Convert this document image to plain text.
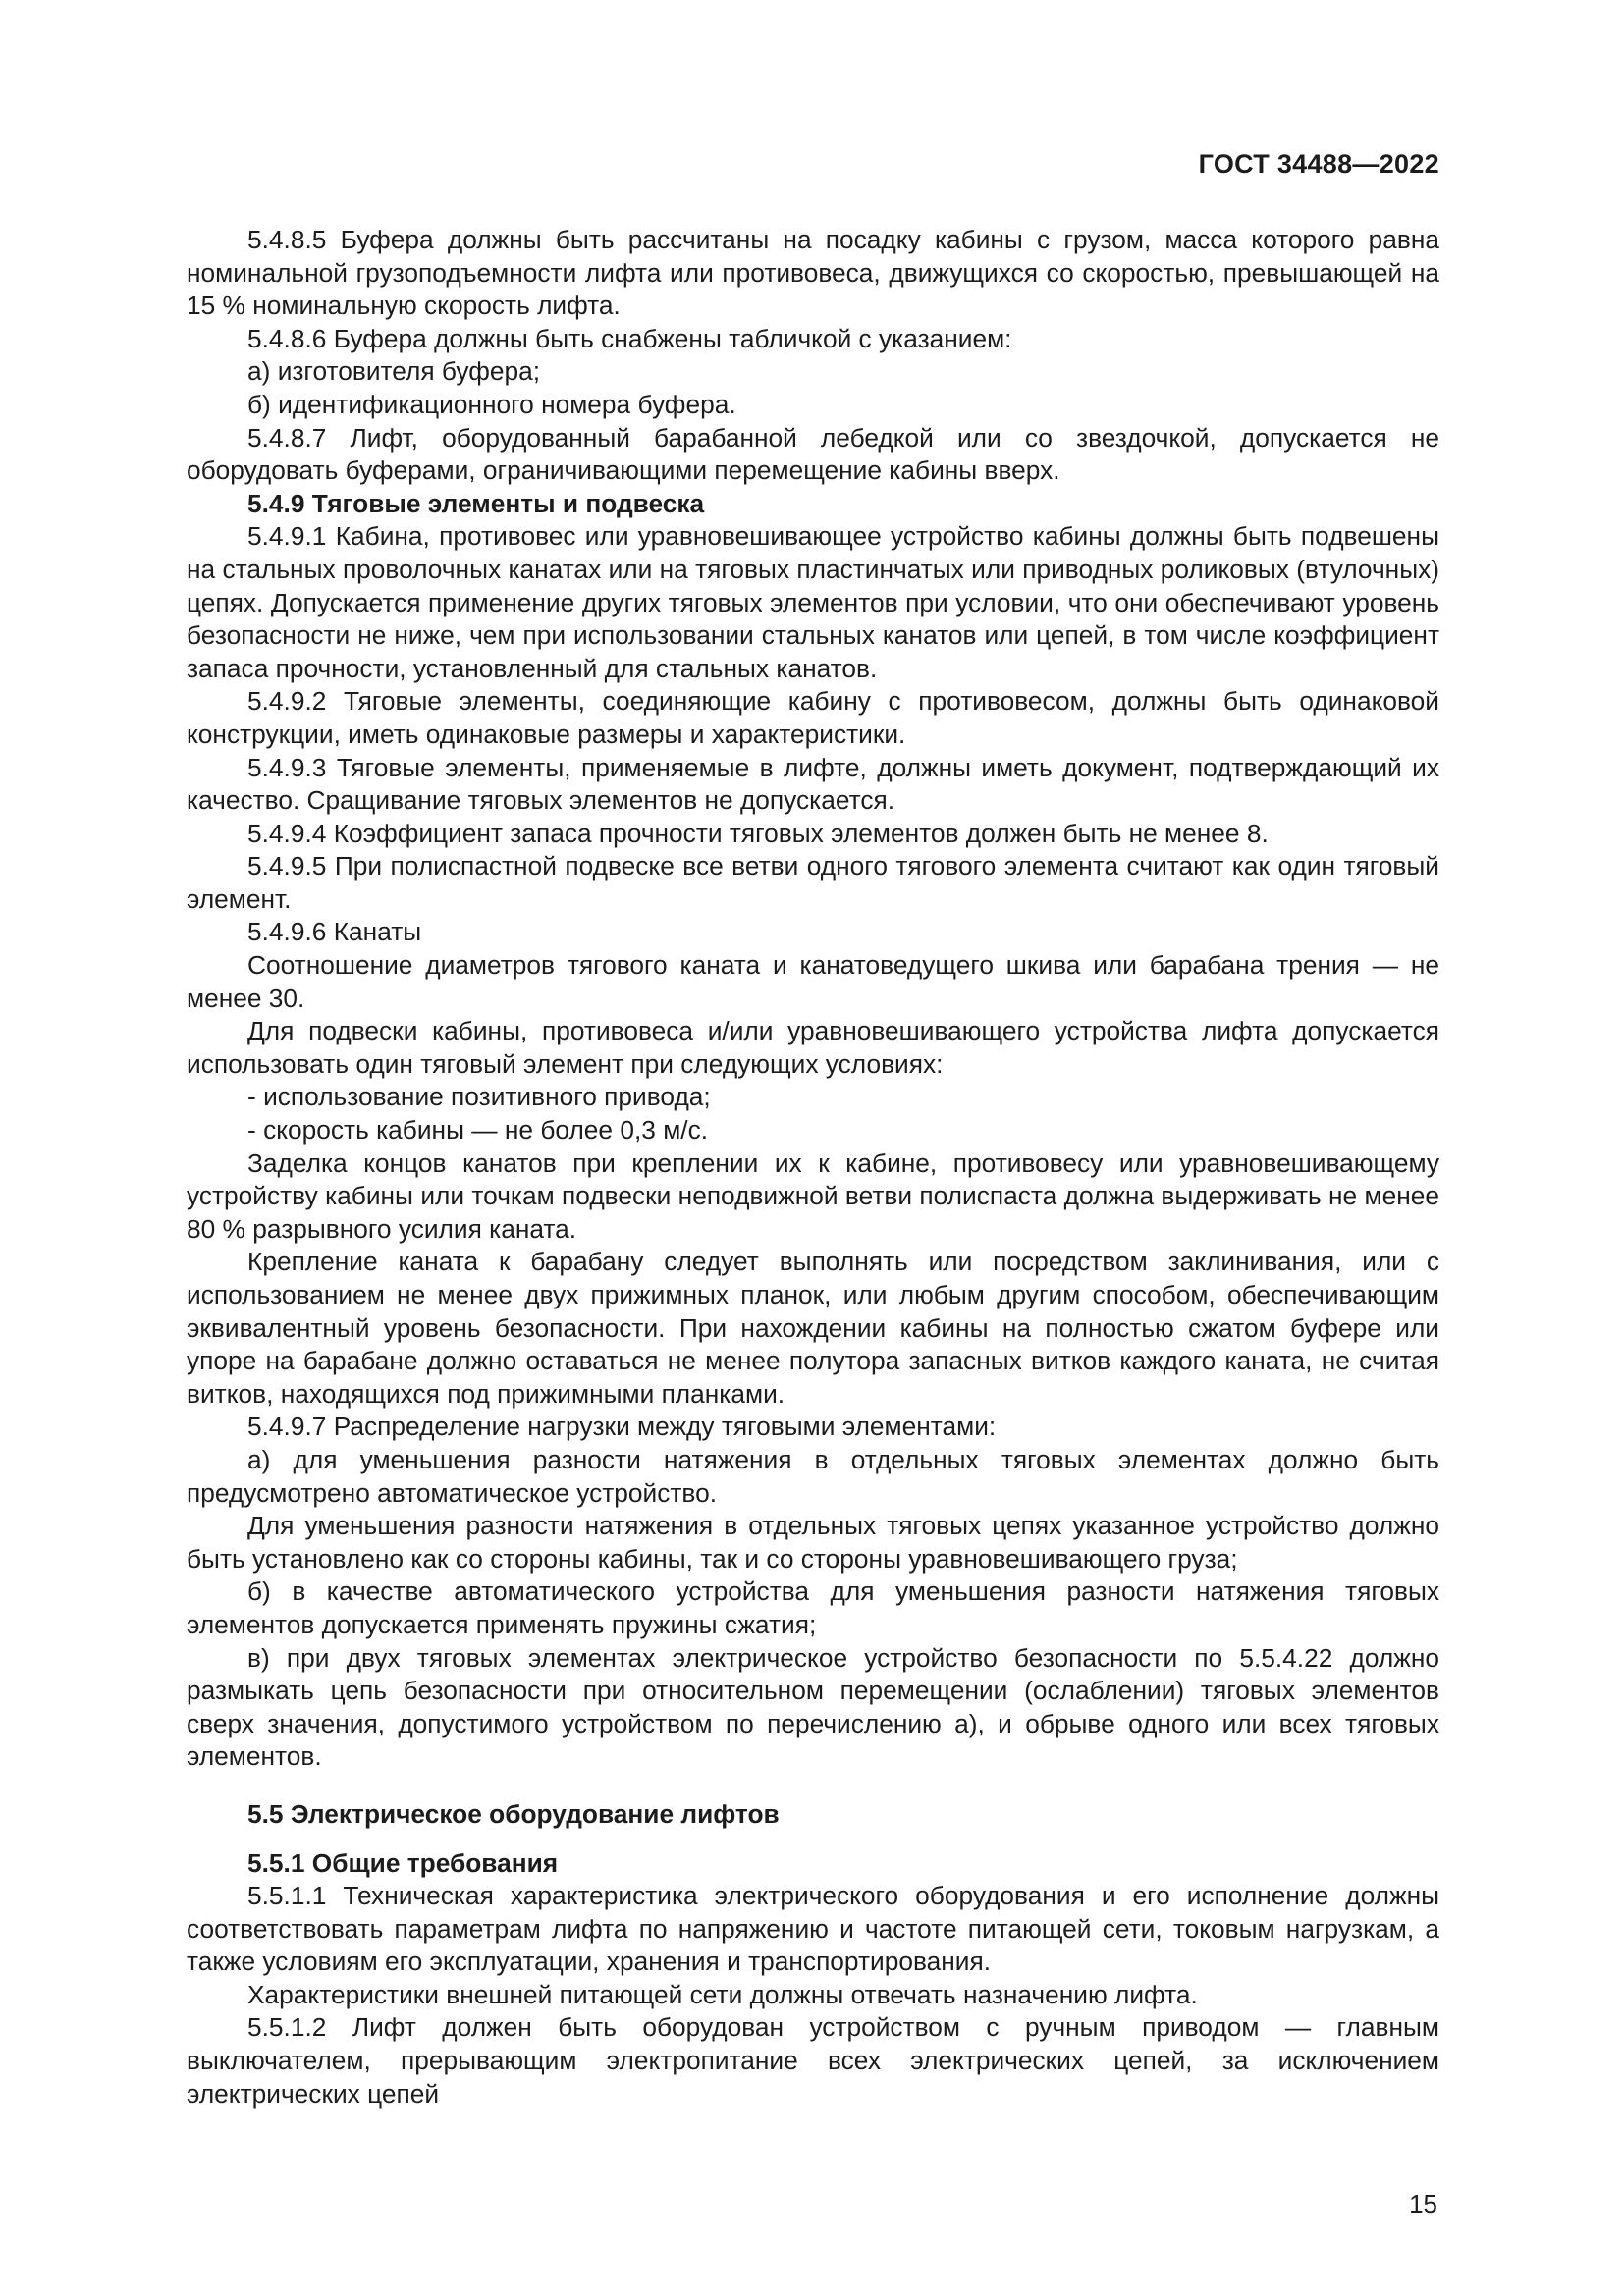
ГОСТ 34488—2022

5.4.8.5 Буфера должны быть рассчитаны на посадку кабины с грузом, масса которого равна номинальной грузоподъемности лифта или противовеса, движущихся со скоростью, превышающей на 15 % номинальную скорость лифта.

5.4.8.6 Буфера должны быть снабжены табличкой с указанием:

а) изготовителя буфера;

б) идентификационного номера буфера.

5.4.8.7 Лифт, оборудованный барабанной лебедкой или со звездочкой, допускается не оборудовать буферами, ограничивающими перемещение кабины вверх.

5.4.9 Тяговые элементы и подвеска

5.4.9.1 Кабина, противовес или уравновешивающее устройство кабины должны быть подвешены на стальных проволочных канатах или на тяговых пластинчатых или приводных роликовых (втулочных) цепях. Допускается применение других тяговых элементов при условии, что они обеспечивают уровень безопасности не ниже, чем при использовании стальных канатов или цепей, в том числе коэффициент запаса прочности, установленный для стальных канатов.

5.4.9.2 Тяговые элементы, соединяющие кабину с противовесом, должны быть одинаковой конструкции, иметь одинаковые размеры и характеристики.

5.4.9.3 Тяговые элементы, применяемые в лифте, должны иметь документ, подтверждающий их качество. Сращивание тяговых элементов не допускается.

5.4.9.4 Коэффициент запаса прочности тяговых элементов должен быть не менее 8.

5.4.9.5 При полиспастной подвеске все ветви одного тягового элемента считают как один тяговый элемент.

5.4.9.6 Канаты

Соотношение диаметров тягового каната и канатоведущего шкива или барабана трения — не менее 30.

Для подвески кабины, противовеса и/или уравновешивающего устройства лифта допускается использовать один тяговый элемент при следующих условиях:

- использование позитивного привода;

- скорость кабины — не более 0,3 м/с.

Заделка концов канатов при креплении их к кабине, противовесу или уравновешивающему устройству кабины или точкам подвески неподвижной ветви полиспаста должна выдерживать не менее 80 % разрывного усилия каната.

Крепление каната к барабану следует выполнять или посредством заклинивания, или с использованием не менее двух прижимных планок, или любым другим способом, обеспечивающим эквивалентный уровень безопасности. При нахождении кабины на полностью сжатом буфере или упоре на барабане должно оставаться не менее полутора запасных витков каждого каната, не считая витков, находящихся под прижимными планками.

5.4.9.7 Распределение нагрузки между тяговыми элементами:

а) для уменьшения разности натяжения в отдельных тяговых элементах должно быть предусмотрено автоматическое устройство.

Для уменьшения разности натяжения в отдельных тяговых цепях указанное устройство должно быть установлено как со стороны кабины, так и со стороны уравновешивающего груза;

б) в качестве автоматического устройства для уменьшения разности натяжения тяговых элементов допускается применять пружины сжатия;

в) при двух тяговых элементах электрическое устройство безопасности по 5.5.4.22 должно размыкать цепь безопасности при относительном перемещении (ослаблении) тяговых элементов сверх значения, допустимого устройством по перечислению а), и обрыве одного или всех тяговых элементов.

5.5 Электрическое оборудование лифтов

5.5.1 Общие требования

5.5.1.1 Техническая характеристика электрического оборудования и его исполнение должны соответствовать параметрам лифта по напряжению и частоте питающей сети, токовым нагрузкам, а также условиям его эксплуатации, хранения и транспортирования.

Характеристики внешней питающей сети должны отвечать назначению лифта.

5.5.1.2 Лифт должен быть оборудован устройством с ручным приводом — главным выключателем, прерывающим электропитание всех электрических цепей, за исключением электрических цепей

15
